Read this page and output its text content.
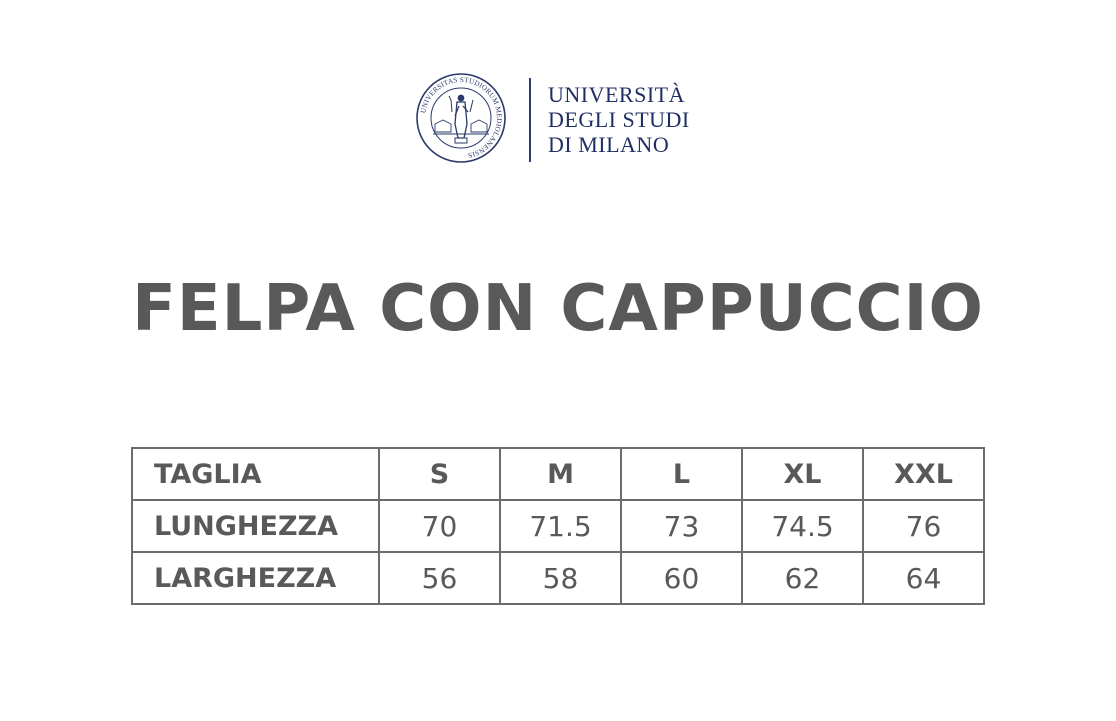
UNIVERSITAS STUDIORUM MEDIOLANENSIS
UNIVERSITÀ
DEGLI STUDI
DI MILANO
FELPA CON CAPPUCCIO
TAGLIA	S	M	L	XL	XXL
LUNGHEZZA	70	71.5	73	74.5	76
LARGHEZZA	56	58	60	62	64
